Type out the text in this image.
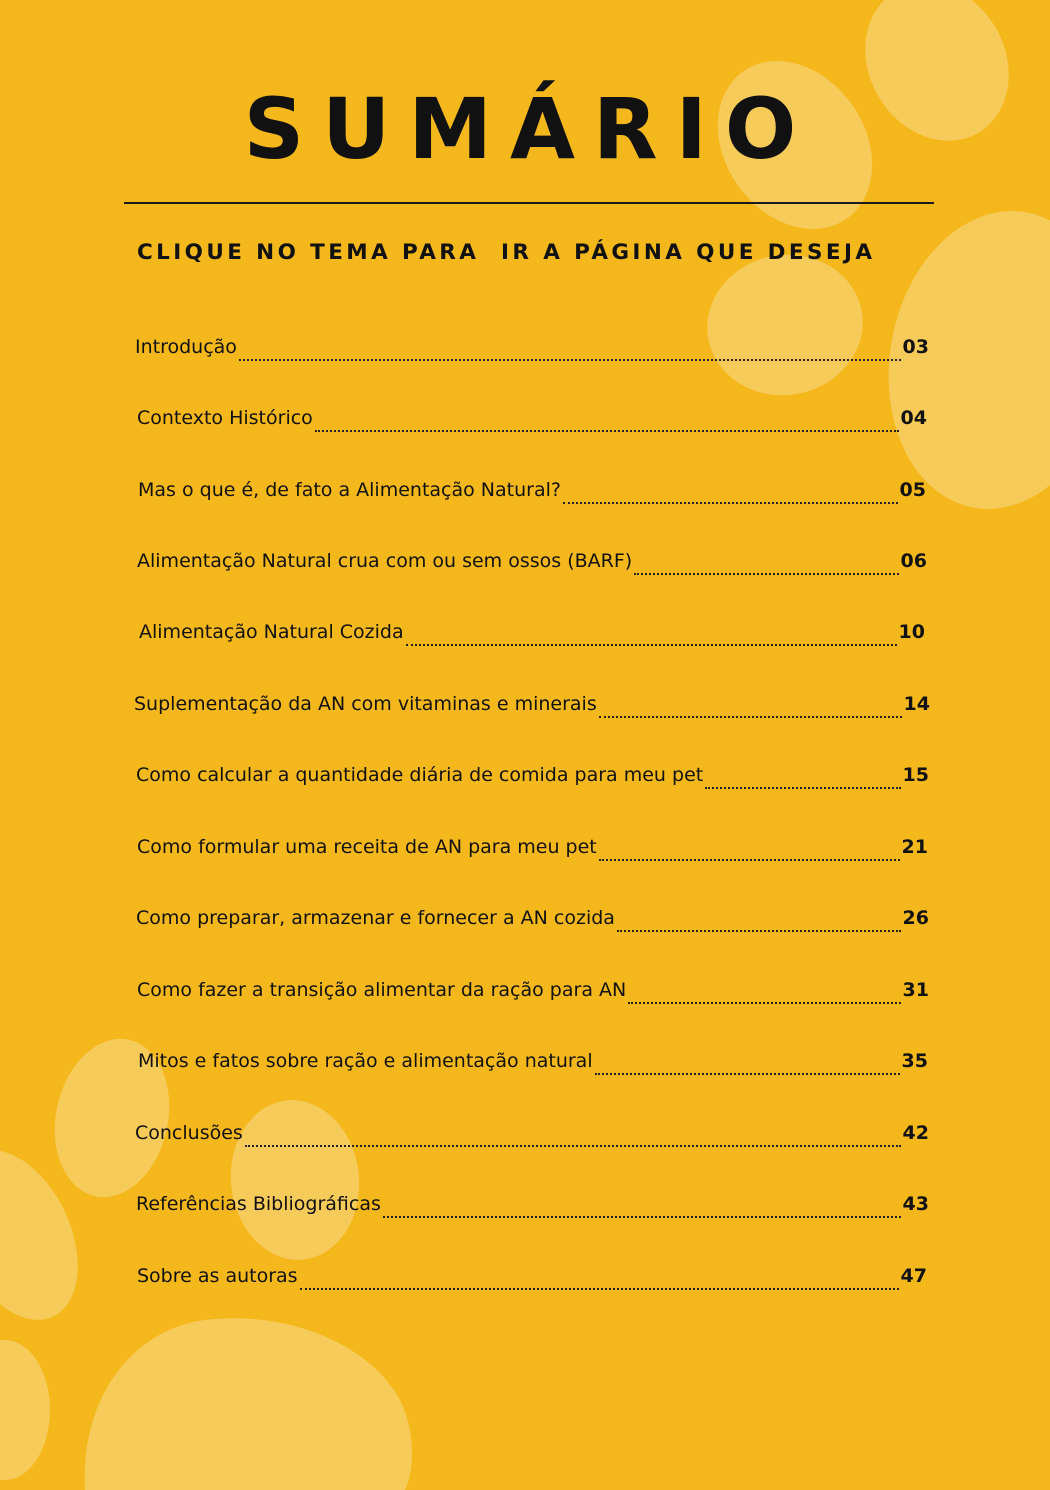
SUMÁRIO
CLIQUE NO TEMA PARA  IR A PÁGINA QUE DESEJA
Introdução	03
Contexto Histórico	04
Mas o que é, de fato a Alimentação Natural?	05
Alimentação Natural crua com ou sem ossos (BARF)	06
Alimentação Natural Cozida	10
Suplementação da AN com vitaminas e minerais	14
Como calcular a quantidade diária de comida para meu pet	15
Como formular uma receita de AN para meu pet	21
Como preparar, armazenar e fornecer a AN cozida	26
Como fazer a transição alimentar da ração para AN	31
Mitos e fatos sobre ração e alimentação natural	35
Conclusões	42
Referências Bibliográficas	43
Sobre as autoras	47
